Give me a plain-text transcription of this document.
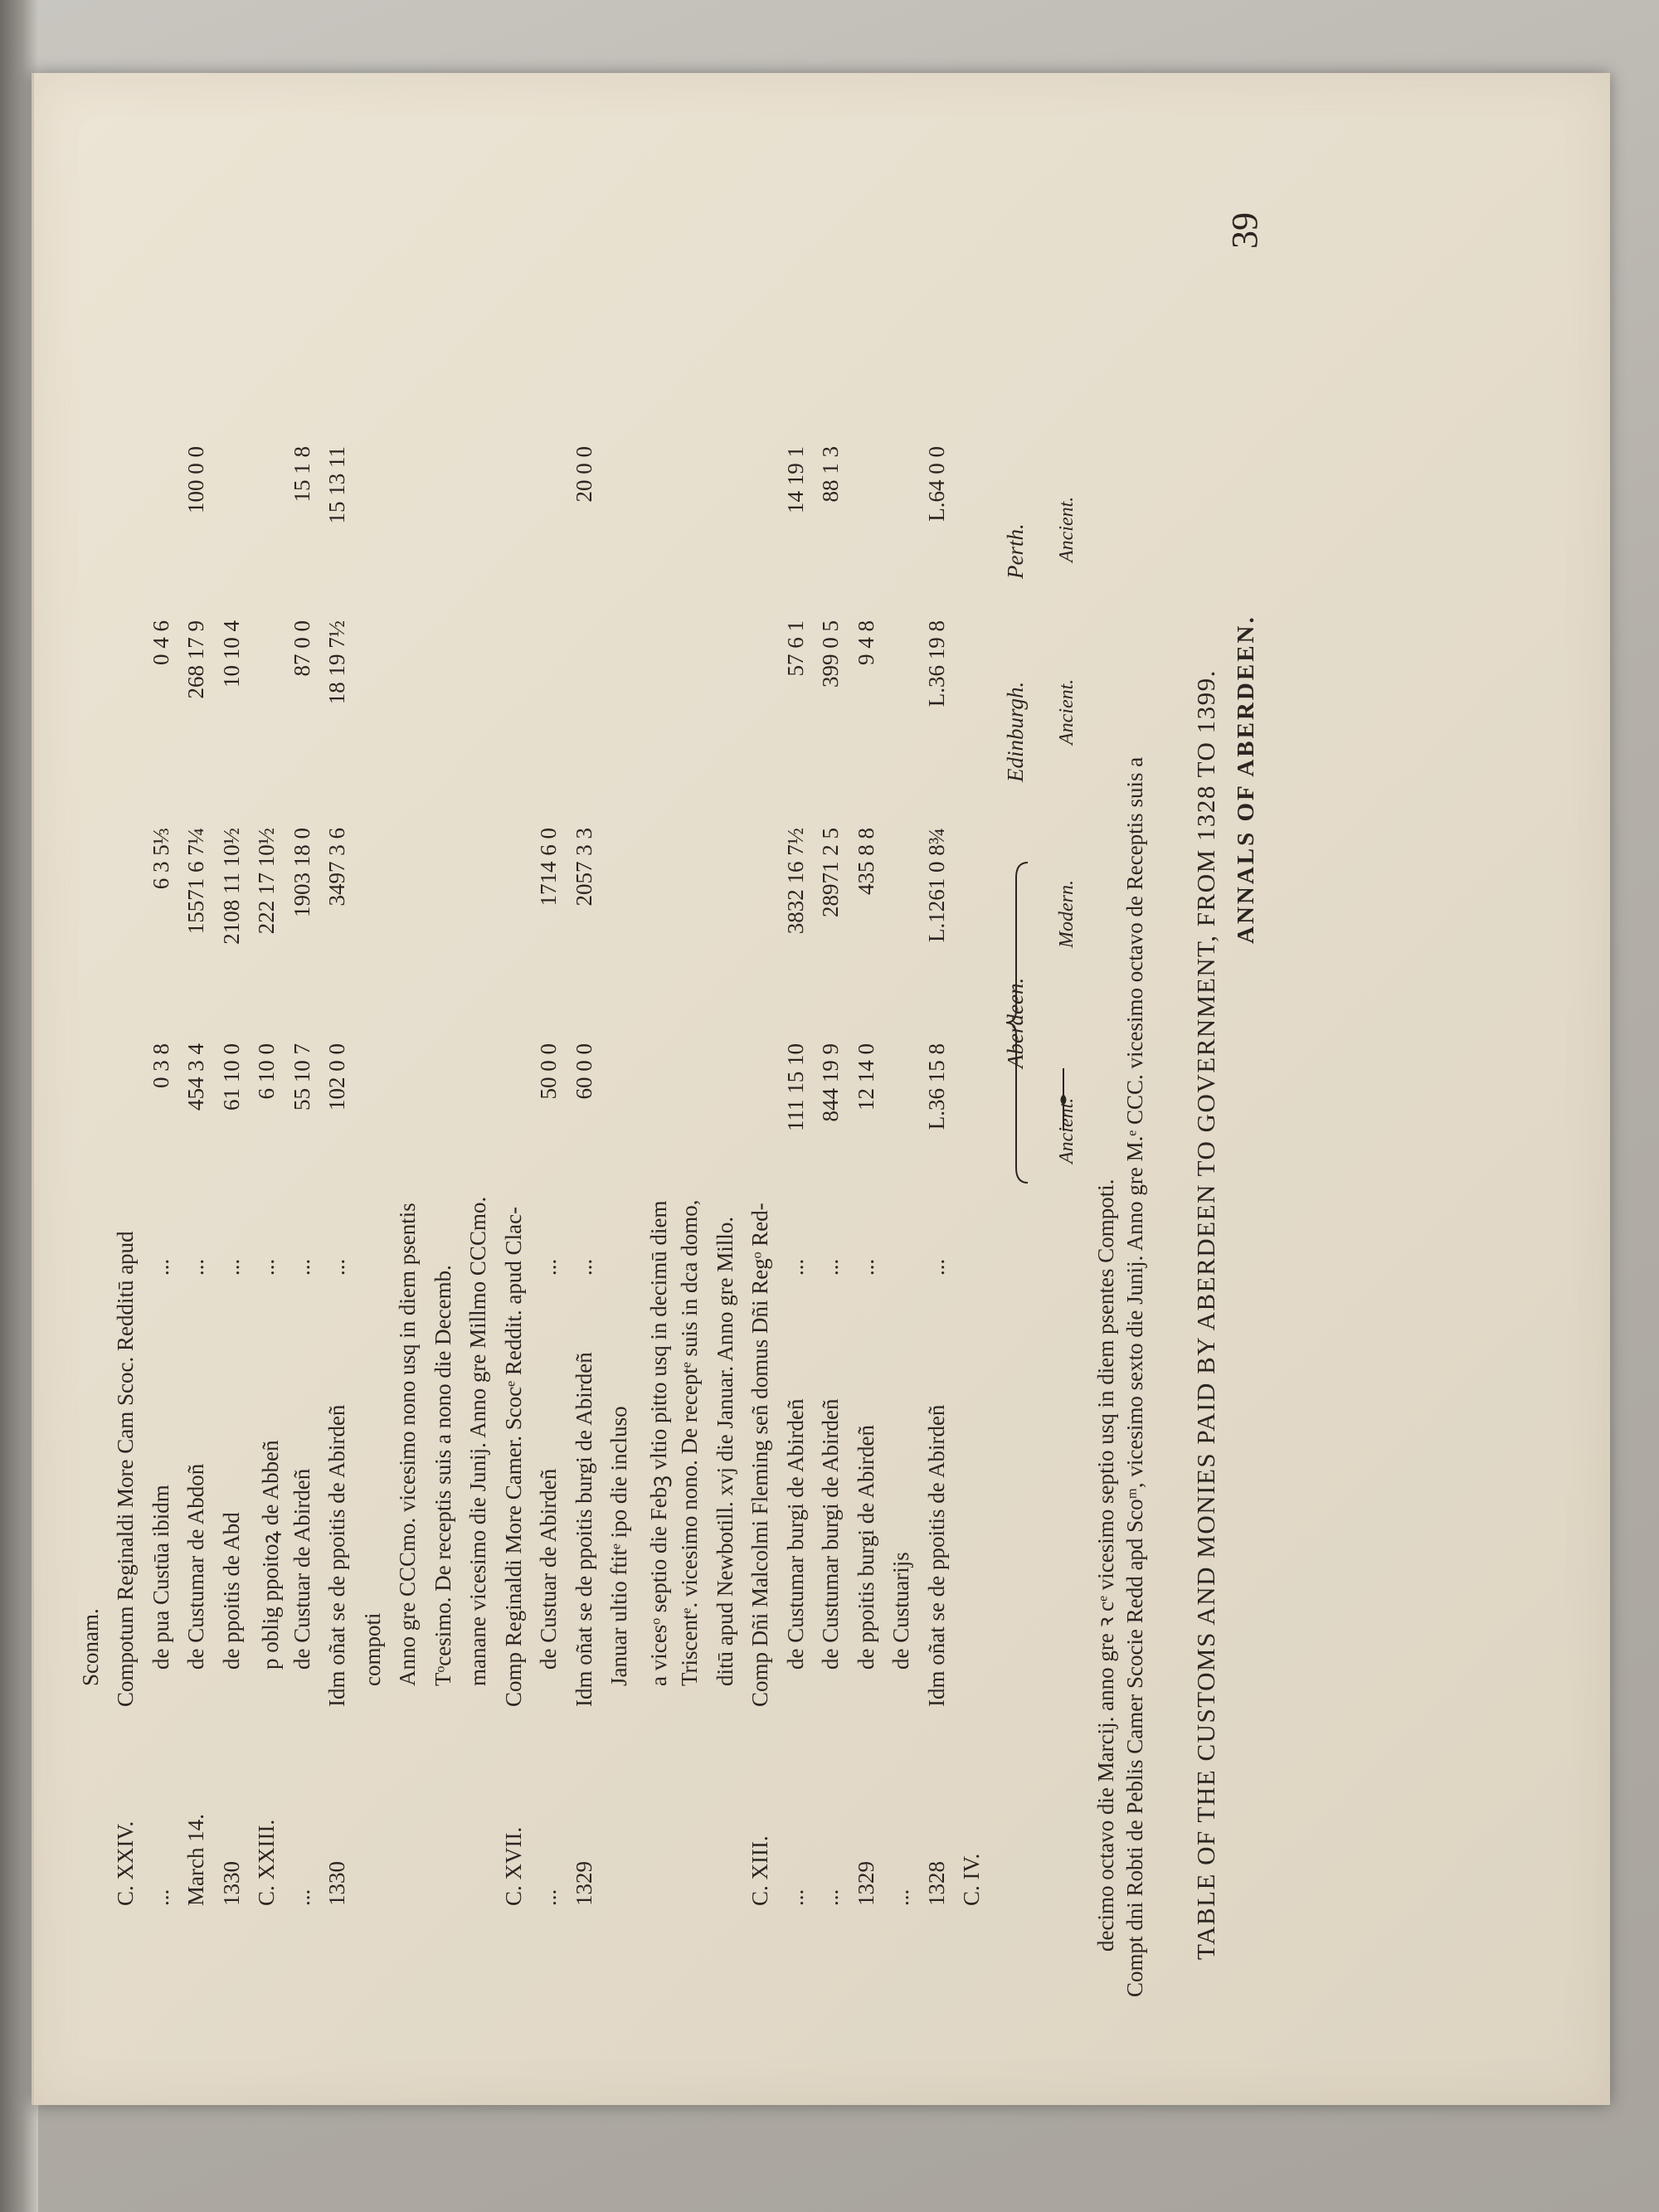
ANNALS OF ABERDEEN.
39
TABLE OF THE CUSTOMS AND MONIES PAID BY ABERDEEN TO GOVERNMENT, FROM 1328 TO 1399.
Compt dni Robti de Peblis Camer Scocie Redd apd Scoᵐ, vicesimo sexto die Junij. Anno gre M.ᵉ CCC. vicesimo octavo de Receptis suis a
decimo octavo die Marcij. anno gre ꝛ cᵉ vicesimo septio usq in diem psentes Compoti.
Aberdeen.
Edinburgh.
Perth.
Ancient.
Modern.
Ancient.
Ancient.
C. IV.
1328
Idm oñat se de ppoitis de Abirdeñ
...
L.36 15 8
L.1261 0 8¾
L.36 19 8
L.64 0 0
...
de Custuarijs
1329
de ppoitis burgi de Abirdeñ
...
12 14 0
435 8 8
9 4 8
...
de Custumar burgi de Abirdeñ
...
844 19 9
28971 2 5
399 0 5
88 1 3
...
de Custumar burgi de Abirdeñ
...
111 15 10
3832 16 7½
57 6 1
14 19 1
C. XIII.
Comp Dñi Malcolmi Fleming señ domus Dñi Regᵒ Red-
ditū apud Newbotill. xvj die Januar. Anno gre Millo.
Triscentᵉ. vicesimo nono. De receptᵉ suis in dca domo,
a vicesᵒ septio die Febꝫ vltio pitto usq in decimū diem
Januar ultio ftitᵉ ipo die incluso
1329
Idm oñat se de ppoitis burgi de Abirdeñ
...
60 0 0
2057 3 3
20 0 0
...
de Custuar de Abirdeñ
...
50 0 0
1714 6 0
C. XVII.
Comp Reginaldi More Camer. Scocᵉ Reddit. apud Clac-
manane vicesimo die Junij. Anno gre Millmo CCCmo.
Tᵒcesimo. De receptis suis a nono die Decemb.
Anno gre CCCmo. vicesimo nono usq in diem psentis
compoti
1330
Idm oñat se de ppoitis de Abirdeñ
...
102 0 0
3497 3 6
18 19 7½
15 13 11
...
de Custuar de Abirdeñ
...
55 10 7
1903 18 0
87 0 0
15 1 8
C. XXIII.
p oblig ppoitoꝝ de Abbeñ
...
6 10 0
222 17 10½
1330
de ppoitis de Abd
...
61 10 0
2108 11 10½
10 10 4
March 14.
de Custumar de Abdoñ
...
454 3 4
15571 6 7¼
268 17 9
100 0 0
...
de pua Custūa ibidm
...
0 3 8
6 3 5⅓
0 4 6
C. XXIV.
Compotum Reginaldi More Cam Scoc. Redditū apud
Sconam.
